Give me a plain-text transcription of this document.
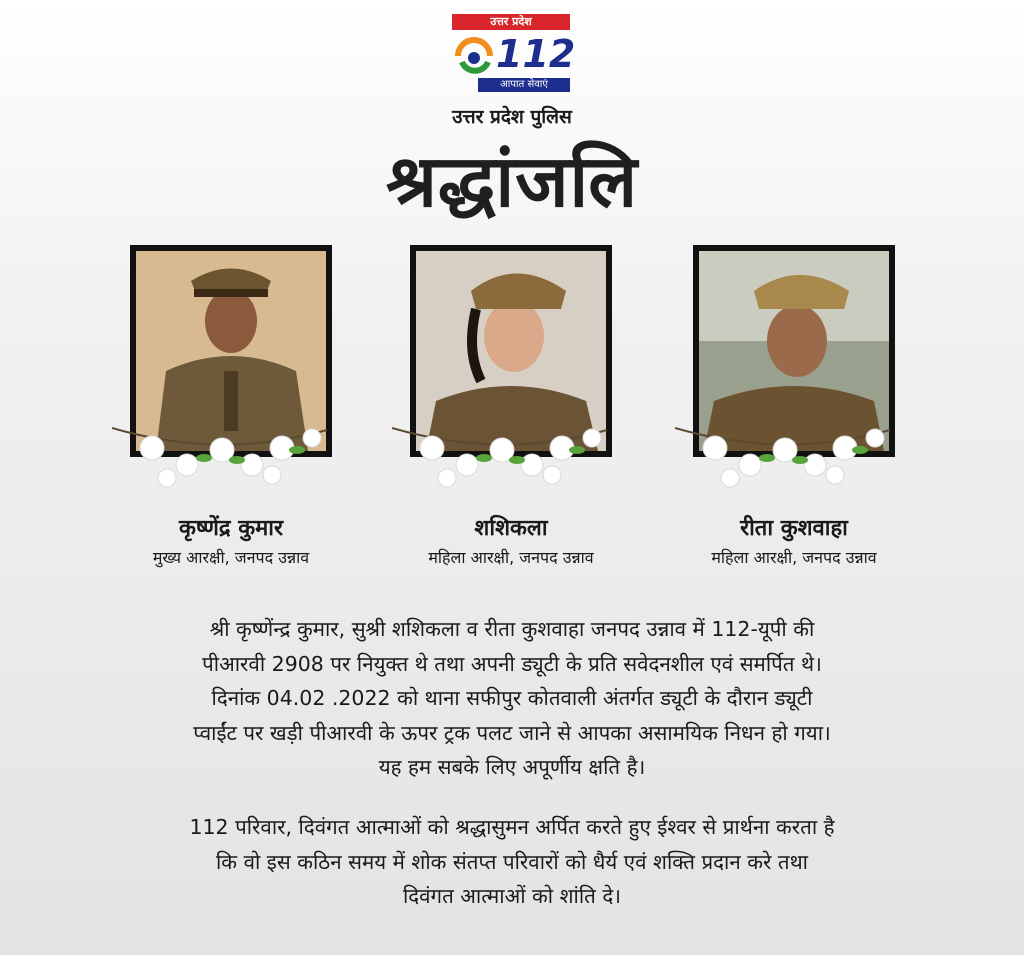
उत्तर प्रदेश
112
आपात सेवाएं
उत्तर प्रदेश पुलिस
श्रद्धांजलि
कृष्णेंद्र कुमार
मुख्य आरक्षी, जनपद उन्नाव
शशिकला
महिला आरक्षी, जनपद उन्नाव
रीता कुशवाहा
महिला आरक्षी, जनपद उन्नाव
श्री कृष्णेंन्द्र कुमार, सुश्री शशिकला व रीता कुशवाहा जनपद उन्नाव में 112-यूपी की
पीआरवी 2908 पर नियुक्त थे तथा अपनी ड्यूटी के प्रति सवेदनशील एवं समर्पित थे।
दिनांक 04.02 .2022 को थाना सफीपुर कोतवाली अंतर्गत ड्यूटी के दौरान ड्यूटी
प्वाईंट पर खड़ी पीआरवी के ऊपर ट्रक पलट जाने से आपका असामयिक निधन हो गया।
यह हम सबके लिए अपूर्णीय क्षति है।
112 परिवार, दिवंगत आत्माओं को श्रद्धासुमन अर्पित करते हुए ईश्वर से प्रार्थना करता है
कि वो इस कठिन समय में शोक संतप्त परिवारों को धैर्य एवं शक्ति प्रदान करे तथा
दिवंगत आत्माओं को शांति दे।
